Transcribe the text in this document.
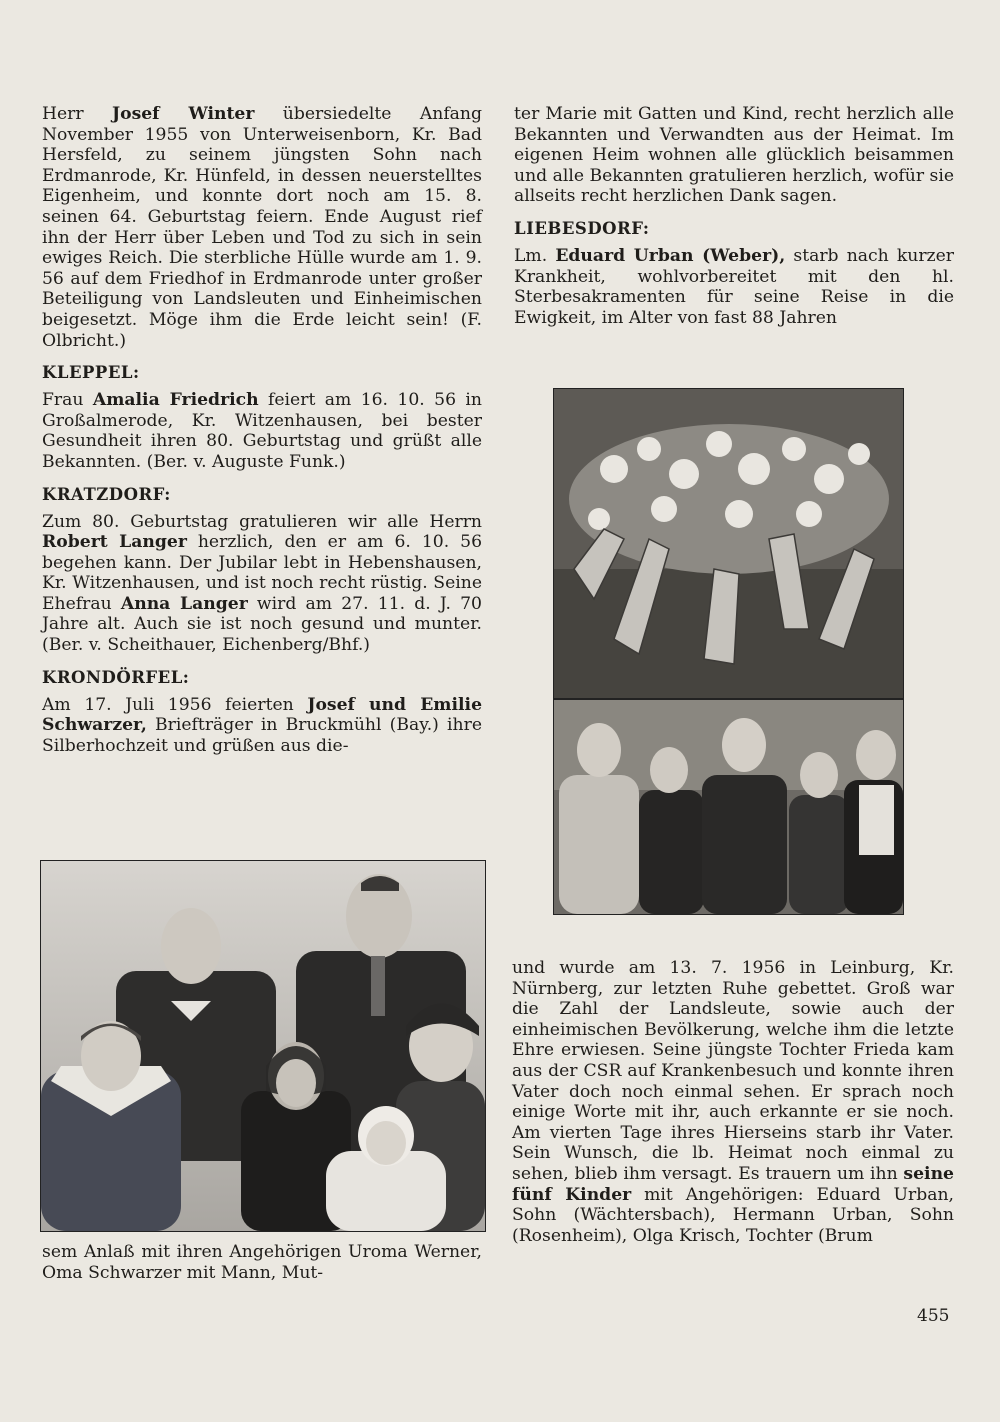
Herr Josef Winter übersiedelte Anfang November 1955 von Unterweisenborn, Kr. Bad Hersfeld, zu seinem jüngsten Sohn nach Erdmanrode, Kr. Hünfeld, in dessen neuerstelltes Eigenheim, und konnte dort noch am 15. 8. seinen 64. Geburtstag feiern. Ende August rief ihn der Herr über Leben und Tod zu sich in sein ewiges Reich. Die sterbliche Hülle wurde am 1. 9. 56 auf dem Friedhof in Erdmanrode unter großer Beteiligung von Landsleuten und Einheimischen beigesetzt. Möge ihm die Erde leicht sein! (F. Olbricht.)

KLEPPEL:

Frau Amalia Friedrich feiert am 16. 10. 56 in Großalmerode, Kr. Witzenhausen, bei bester Gesundheit ihren 80. Geburtstag und grüßt alle Bekannten. (Ber. v. Auguste Funk.)

KRATZDORF:

Zum 80. Geburtstag gratulieren wir alle Herrn Robert Langer herzlich, den er am 6. 10. 56 begehen kann. Der Jubilar lebt in Hebenshausen, Kr. Witzenhausen, und ist noch recht rüstig. Seine Ehefrau Anna Langer wird am 27. 11. d. J. 70 Jahre alt. Auch sie ist noch gesund und munter. (Ber. v. Scheithauer, Eichenberg/Bhf.)

KRONDÖRFEL:

Am 17. Juli 1956 feierten Josef und Emilie Schwarzer, Briefträger in Bruckmühl (Bay.) ihre Silberhochzeit und grüßen aus die-

sem Anlaß mit ihren Angehörigen Uroma Werner, Oma Schwarzer mit Mann, Mut-

ter Marie mit Gatten und Kind, recht herzlich alle Bekannten und Verwandten aus der Heimat. Im eigenen Heim wohnen alle glücklich beisammen und alle Bekannten gratulieren herzlich, wofür sie allseits recht herzlichen Dank sagen.

LIEBESDORF:

Lm. Eduard Urban (Weber), starb nach kurzer Krankheit, wohlvorbereitet mit den hl. Sterbesakramenten für seine Reise in die Ewigkeit, im Alter von fast 88 Jahren

und wurde am 13. 7. 1956 in Leinburg, Kr. Nürnberg, zur letzten Ruhe gebettet. Groß war die Zahl der Landsleute, sowie auch der einheimischen Bevölkerung, welche ihm die letzte Ehre erwiesen. Seine jüngste Tochter Frieda kam aus der CSR auf Krankenbesuch und konnte ihren Vater doch noch einmal sehen. Er sprach noch einige Worte mit ihr, auch erkannte er sie noch. Am vierten Tage ihres Hierseins starb ihr Vater. Sein Wunsch, die lb. Heimat noch einmal zu sehen, blieb ihm versagt. Es trauern um ihn seine fünf Kinder mit Angehörigen: Eduard Urban, Sohn (Wächtersbach), Hermann Urban, Sohn (Rosenheim), Olga Krisch, Tochter (Brum

455
